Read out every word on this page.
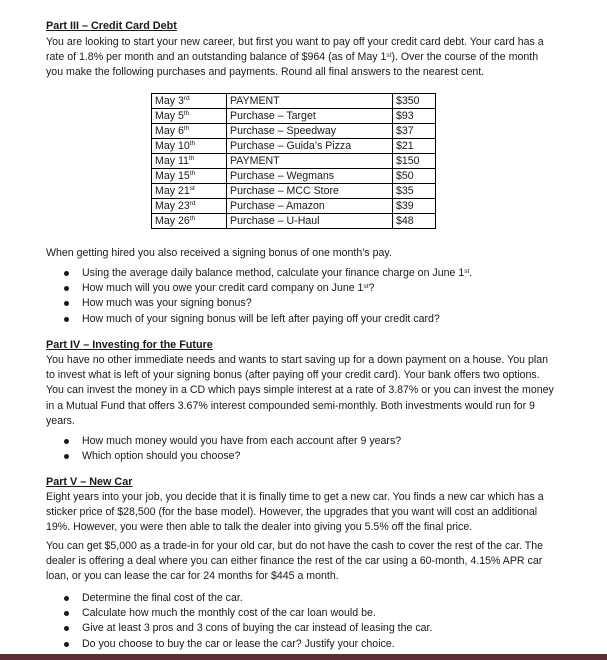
Part III – Credit Card Debt
You are looking to start your new career, but first you want to pay off your credit card debt. Your card has a rate of 1.8% per month and an outstanding balance of $964 (as of May 1st). Over the course of the month you make the following purchases and payments. Round all final answers to the nearest cent.
May 3rd	PAYMENT	$350
May 5th	Purchase – Target	$93
May 6th	Purchase – Speedway	$37
May 10th	Purchase – Guida’s Pizza	$21
May 11th	PAYMENT	$150
May 15th	Purchase – Wegmans	$50
May 21st	Purchase – MCC Store	$35
May 23rd	Purchase – Amazon	$39
May 26th	Purchase – U-Haul	$48
When getting hired you also received a signing bonus of one month’s pay.
Using the average daily balance method, calculate your finance charge on June 1st.
How much will you owe your credit card company on June 1st?
How much was your signing bonus?
How much of your signing bonus will be left after paying off your credit card?
Part IV – Investing for the Future
You have no other immediate needs and wants to start saving up for a down payment on a house. You plan to invest what is left of your signing bonus (after paying off your credit card). Your bank offers two options. You can invest the money in a CD which pays simple interest at a rate of 3.87% or you can invest the money in a Mutual Fund that offers 3.67% interest compounded semi-monthly. Both investments would run for 9 years.
How much money would you have from each account after 9 years?
Which option should you choose?
Part V – New Car
Eight years into your job, you decide that it is finally time to get a new car. You finds a new car which has a sticker price of $28,500 (for the base model). However, the upgrades that you want will cost an additional 19%. However, you were then able to talk the dealer into giving you 5.5% off the final price.
You can get $5,000 as a trade-in for your old car, but do not have the cash to cover the rest of the car. The dealer is offering a deal where you can either finance the rest of the car using a 60-month, 4.15% APR car loan, or you can lease the car for 24 months for $445 a month.
Determine the final cost of the car.
Calculate how much the monthly cost of the car loan would be.
Give at least 3 pros and 3 cons of buying the car instead of leasing the car.
Do you choose to buy the car or lease the car? Justify your choice.
